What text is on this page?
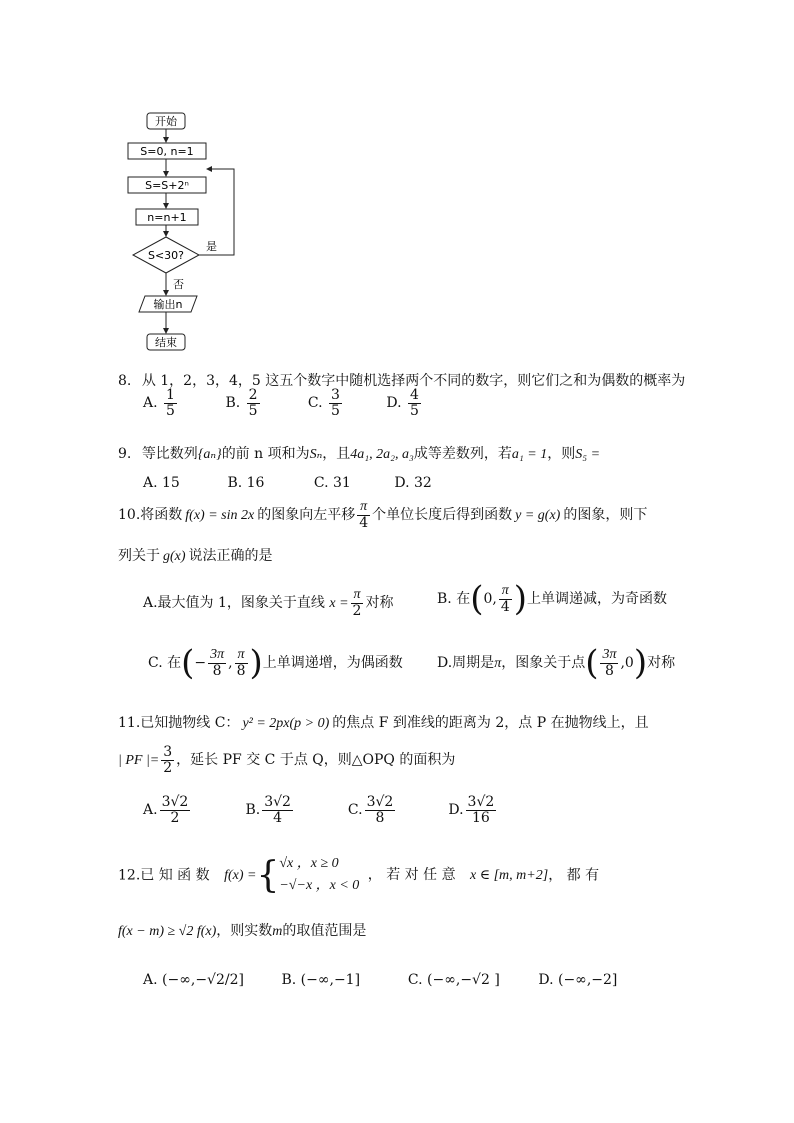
开始
S=0, n=1
S=S+2ⁿ
n=n+1
S<30?
是
否
输出n
结束
8. 从 1，2，3，4，5 这五个数字中随机选择两个不同的数字，则它们之和为偶数的概率为
A. $\frac{1}{5}$	B. $\frac{2}{5}$	C. $\frac{3}{5}$	D. $\frac{4}{5}$
9. 等比数列{aₙ}的前 n 项和为Sₙ，且4a₁, 2a₂, a₃成等差数列，若a₁ = 1，则S₅ =
A. 15	B. 16	C. 31	D. 32
10.将函数 f(x) = sin 2x 的图象向左平移 $\frac{\pi}{4}$ 个单位长度后得到函数 y = g(x) 的图象，则下
列关于 g(x) 说法正确的是
A.最大值为 1，图象关于直线 $x = \frac{\pi}{2}$ 对称	B. 在(0, $\frac{\pi}{4}$ )上单调递减，为奇函数
C. 在(− $\frac{3\pi}{8}$ , $\frac{\pi}{8}$ )上单调递增，为偶函数 D.周期是π，图象关于点( $\frac{3\pi}{8} ,0$)对称
11.已知抛物线 C： y² = 2px(p > 0) 的焦点 F 到准线的距离为 2，点 P 在抛物线上，且
| PF |= $\frac{3}{2}$ ，延长 PF 交 C 于点 Q，则△OPQ 的面积为
A. $\frac{3√2}{2}$	B. $\frac{3√2}{4}$	C. $\frac{3√2}{8}$	D. $\frac{3√2}{16}$
12.已 知 函 数 f(x) ={ √x ，x ≥ 0
−√−x ，x < 0
， 若 对 任 意 x ∈ [m, m+2]， 都 有
f(x − m) ≥ √2 f(x)，则实数m的取值范围是
A. (−∞,−√2/2]	B. (−∞,−1]	C. (−∞,−√2 ]	D. (−∞,−2]
